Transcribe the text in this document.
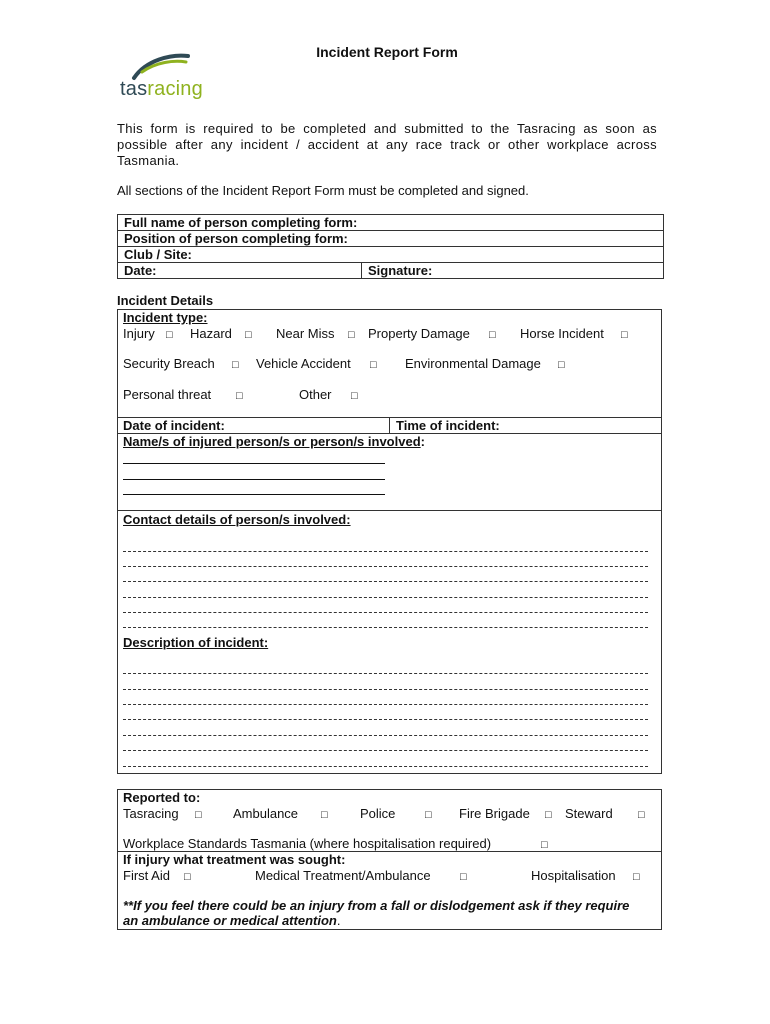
tasracing
Incident Report Form
This form is required to be completed and submitted to the Tasracing as soon as possible after any incident / accident at any race track or other workplace across Tasmania.
All sections of the Incident Report Form must be completed and signed.
Full name of person completing form:
Position of person completing form:
Club / Site:
Date:	Signature:
Incident Details
Incident type:
Injury □ Hazard □ Near Miss □ Property Damage □ Horse Incident □
Security Breach □ Vehicle Accident □ Environmental Damage □
Personal threat □	Other □
Date of incident:	Time of incident:
Name/s of injured person/s or person/s involved:
Contact details of person/s involved:
Description of incident:
Reported to:
Tasracing □ Ambulance □ Police	□ Fire Brigade □ Steward □
Workplace Standards Tasmania (where hospitalisation required)	□
If injury what treatment was sought:
First Aid □	Medical Treatment/Ambulance	□	Hospitalisation □
**If you feel there could be an injury from a fall or dislodgement ask if they require an ambulance or medical attention.
